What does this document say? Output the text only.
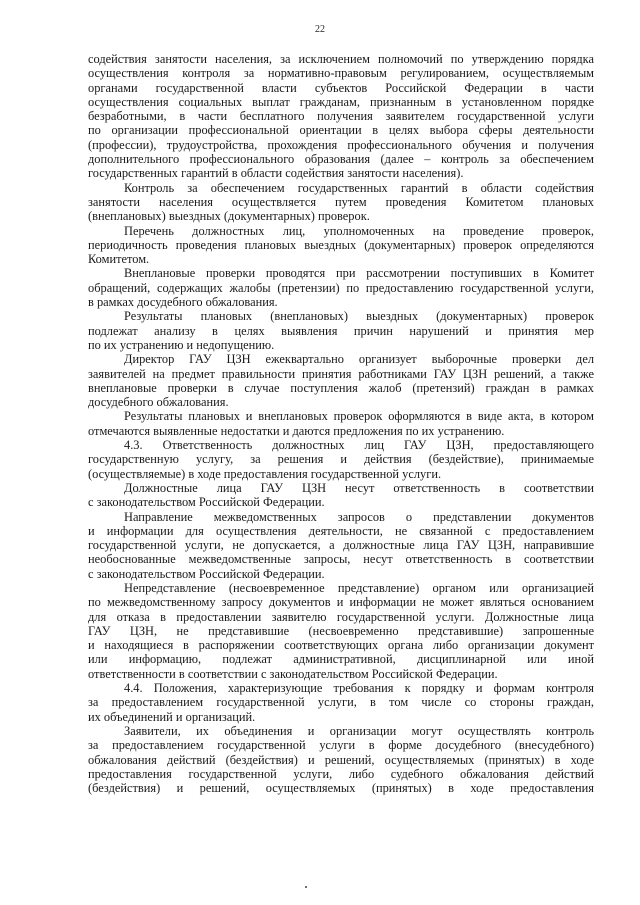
22
содействия занятости населения, за исключением полномочий по утверждению порядка
осуществления контроля за нормативно-правовым регулированием, осуществляемым
органами государственной власти субъектов Российской Федерации в части
осуществления социальных выплат гражданам, признанным в установленном порядке
безработными, в части бесплатного получения заявителем государственной услуги
по организации профессиональной ориентации в целях выбора сферы деятельности
(профессии), трудоустройства, прохождения профессионального обучения и получения
дополнительного профессионального образования (далее – контроль за обеспечением
государственных гарантий в области содействия занятости населения).
Контроль за обеспечением государственных гарантий в области содействия
занятости населения осуществляется путем проведения Комитетом плановых
(внеплановых) выездных (документарных) проверок.
Перечень должностных лиц, уполномоченных на проведение проверок,
периодичность проведения плановых выездных (документарных) проверок определяются
Комитетом.
Внеплановые проверки проводятся при рассмотрении поступивших в Комитет
обращений, содержащих жалобы (претензии) по предоставлению государственной услуги,
в рамках досудебного обжалования.
Результаты плановых (внеплановых) выездных (документарных) проверок
подлежат анализу в целях выявления причин нарушений и принятия мер
по их устранению и недопущению.
Директор ГАУ ЦЗН ежеквартально организует выборочные проверки дел
заявителей на предмет правильности принятия работниками ГАУ ЦЗН решений, а также
внеплановые проверки в случае поступления жалоб (претензий) граждан в рамках
досудебного обжалования.
Результаты плановых и внеплановых проверок оформляются в виде акта, в котором
отмечаются выявленные недостатки и даются предложения по их устранению.
4.3. Ответственность должностных лиц ГАУ ЦЗН, предоставляющего
государственную услугу, за решения и действия (бездействие), принимаемые
(осуществляемые) в ходе предоставления государственной услуги.
Должностные лица ГАУ ЦЗН несут ответственность в соответствии
с законодательством Российской Федерации.
Направление межведомственных запросов о представлении документов
и информации для осуществления деятельности, не связанной с предоставлением
государственной услуги, не допускается, а должностные лица ГАУ ЦЗН, направившие
необоснованные межведомственные запросы, несут ответственность в соответствии
с законодательством Российской Федерации.
Непредставление (несвоевременное представление) органом или организацией
по межведомственному запросу документов и информации не может являться основанием
для отказа в предоставлении заявителю государственной услуги. Должностные лица
ГАУ ЦЗН, не представившие (несвоевременно представившие) запрошенные
и находящиеся в распоряжении соответствующих органа либо организации документ
или информацию, подлежат административной, дисциплинарной или иной
ответственности в соответствии с законодательством Российской Федерации.
4.4. Положения, характеризующие требования к порядку и формам контроля
за предоставлением государственной услуги, в том числе со стороны граждан,
их объединений и организаций.
Заявители, их объединения и организации могут осуществлять контроль
за предоставлением государственной услуги в форме досудебного (внесудебного)
обжалования действий (бездействия) и решений, осуществляемых (принятых) в ходе
предоставления государственной услуги, либо судебного обжалования действий
(бездействия) и решений, осуществляемых (принятых) в ходе предоставления
